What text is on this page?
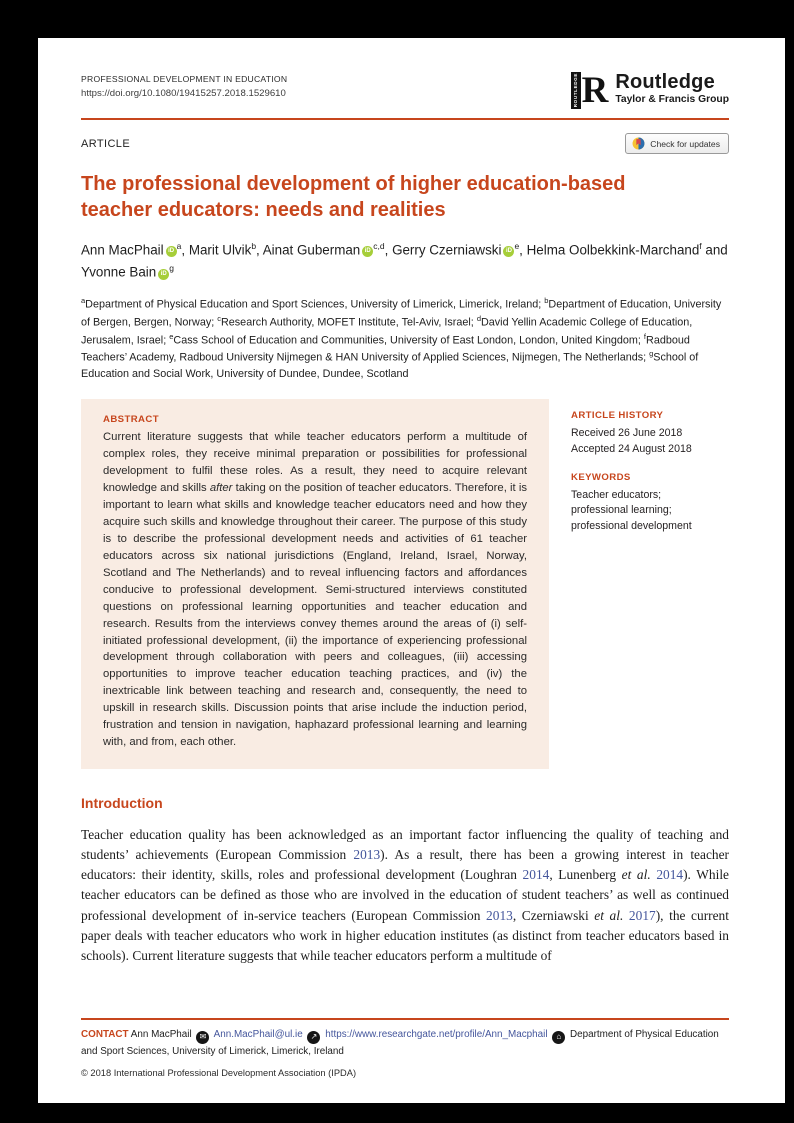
PROFESSIONAL DEVELOPMENT IN EDUCATION
https://doi.org/10.1080/19415257.2018.1529610	ROUTLEDGE R Routledge
Taylor & Francis Group
ARTICLE	Check for updates
The professional development of higher education-based
teacher educators: needs and realities
Ann MacPhail $iD^a$, Marit Ulvik$^b$, Ainat Guberman iD$^{c,d}$, Gerry Czerniawski $iD^e$, Helma Oolbekkink-Marchand$^f$ and Yvonne Bain $iD^g$
$^a$Department of Physical Education and Sport Sciences, University of Limerick, Limerick, Ireland; $^b$Department of Education, University of Bergen, Bergen, Norway; $^c$Research Authority, MOFET Institute, Tel-Aviv, Israel; $^d$David Yellin Academic College of Education, Jerusalem, Israel; $^e$Cass School of Education and Communities, University of East London, London, United Kingdom; $^f$Radboud Teachers’ Academy, Radboud University Nijmegen & HAN University of Applied Sciences, Nijmegen, The Netherlands; $^g$School of Education and Social Work, University of Dundee, Dundee, Scotland
ABSTRACT
Current literature suggests that while teacher educators perform a multitude of complex roles, they receive minimal preparation or possibilities for professional development to fulfil these roles. As a result, they need to acquire relevant knowledge and skills after taking on the position of teacher educators. Therefore, it is important to learn what skills and knowledge teacher educators need and how they acquire such skills and knowledge throughout their career. The purpose of this study is to describe the professional development needs and activities of 61 teacher educators across six national jurisdictions (England, Ireland, Israel, Norway, Scotland and The Netherlands) and to reveal influencing factors and affordances conducive to professional development. Semi-structured interviews constituted questions on professional learning opportunities and teacher education and research. Results from the interviews convey themes around the areas of (i) self-initiated professional development, (ii) the importance of experiencing professional development through collaboration with peers and colleagues, (iii) accessing opportunities to improve teacher education teaching practices, and (iv) the inextricable link between teaching and research and, consequently, the need to upskill in research skills. Discussion points that arise include the induction period, frustration and tension in navigation, haphazard professional learning and learning with, and from, each other.
ARTICLE HISTORY
Received 26 June 2018
Accepted 24 August 2018
KEYWORDS
Teacher educators;
professional learning;
professional development
Introduction
Teacher education quality has been acknowledged as an important factor influencing the quality of teaching and students’ achievements (European Commission 2013). As a result, there has been a growing interest in teacher educators: their identity, skills, roles and professional development (Loughran 2014, Lunenberg et al. 2014). While teacher educators can be defined as those who are involved in the education of student teachers’ as well as continued professional development of in-service teachers (European Commission 2013, Czerniawski et al. 2017), the current paper deals with teacher educators who work in higher education institutes (as distinct from teacher educators based in schools). Current literature suggests that while teacher educators perform a multitude of
CONTACT Ann MacPhail ✉ Ann.MacPhail@ul.ie ↗ https://www.researchgate.net/profile/Ann_Macphail ⌂ Department of Physical Education and Sport Sciences, University of Limerick, Limerick, Ireland
© 2018 International Professional Development Association (IPDA)
